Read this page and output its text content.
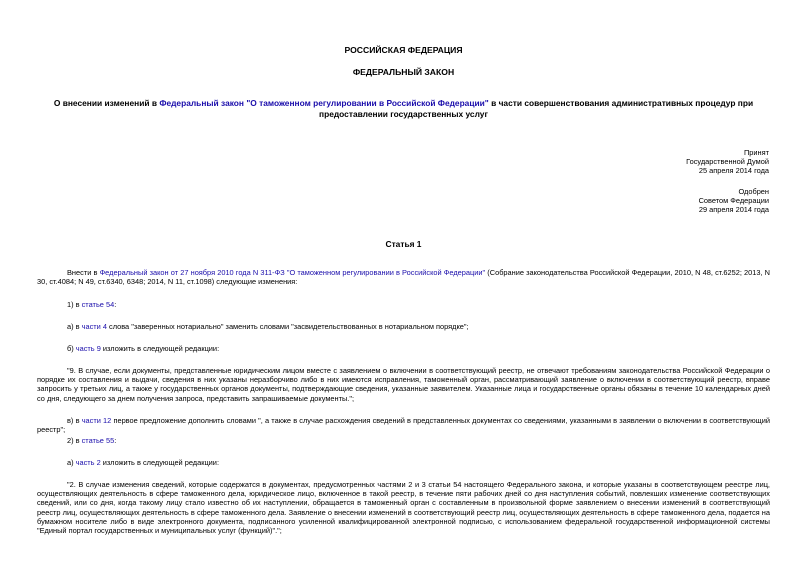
РОССИЙСКАЯ ФЕДЕРАЦИЯ
ФЕДЕРАЛЬНЫЙ ЗАКОН
О внесении изменений в Федеральный закон "О таможенном регулировании в Российской Федерации" в части совершенствования административных процедур при предоставлении государственных услуг
Принят
Государственной Думой
25 апреля 2014 года
Одобрен
Советом Федерации
29 апреля 2014 года
Статья 1
Внести в Федеральный закон от 27 ноября 2010 года N 311-ФЗ "О таможенном регулировании в Российской Федерации" (Собрание законодательства Российской Федерации, 2010, N 48, ст.6252; 2013, N 30, ст.4084; N 49, ст.6340, 6348; 2014, N 11, ст.1098) следующие изменения:
1) в статье 54:
а) в части 4 слова "заверенных нотариально" заменить словами "засвидетельствованных в нотариальном порядке";
б) часть 9 изложить в следующей редакции:
"9. В случае, если документы, представленные юридическим лицом вместе с заявлением о включении в соответствующий реестр, не отвечают требованиям законодательства Российской Федерации о порядке их составления и выдачи, сведения в них указаны неразборчиво либо в них имеются исправления, таможенный орган, рассматривающий заявление о включении в соответствующий реестр, вправе запросить у третьих лиц, а также у государственных органов документы, подтверждающие сведения, указанные заявителем. Указанные лица и государственные органы обязаны в течение 10 календарных дней со дня, следующего за днем получения запроса, представить запрашиваемые документы.";
в) в части 12 первое предложение дополнить словами ", а также в случае расхождения сведений в представленных документах со сведениями, указанными в заявлении о включении в соответствующий реестр";
2) в статье 55:
а) часть 2 изложить в следующей редакции:
"2. В случае изменения сведений, которые содержатся в документах, предусмотренных частями 2 и 3 статьи 54 настоящего Федерального закона, и которые указаны в соответствующем реестре лиц, осуществляющих деятельность в сфере таможенного дела, юридическое лицо, включенное в такой реестр, в течение пяти рабочих дней со дня наступления событий, повлекших изменение соответствующих сведений, или со дня, когда такому лицу стало известно об их наступлении, обращается в таможенный орган с составленным в произвольной форме заявлением о внесении изменений в соответствующий реестр лиц, осуществляющих деятельность в сфере таможенного дела. Заявление о внесении изменений в соответствующий реестр лиц, осуществляющих деятельность в сфере таможенного дела, подается на бумажном носителе либо в виде электронного документа, подписанного усиленной квалифицированной электронной подписью, с использованием федеральной государственной информационной системы "Единый портал государственных и муниципальных услуг (функций)".";
